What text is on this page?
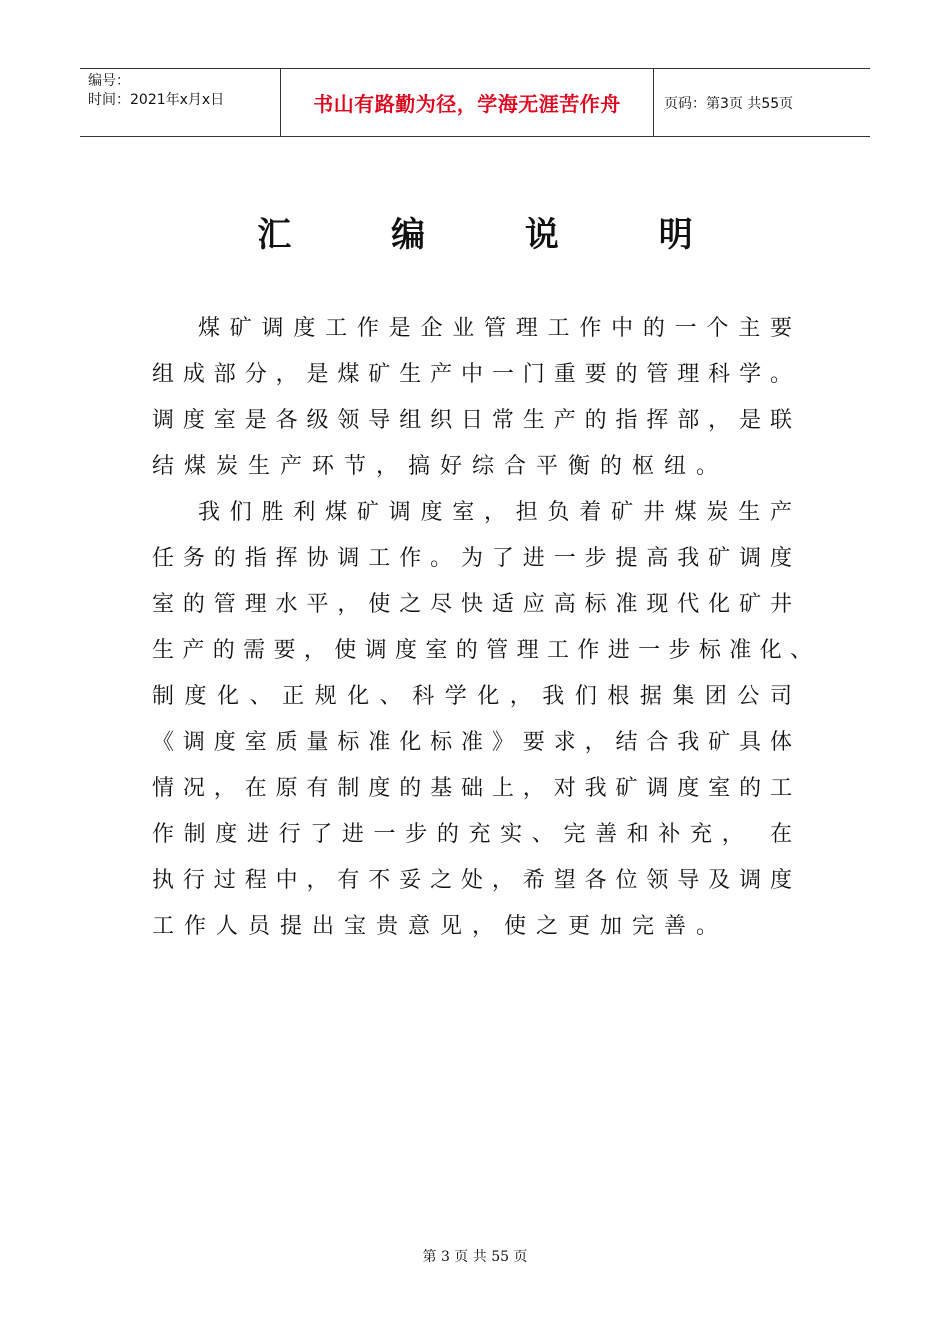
编号：
时间：2021年x月x日	书山有路勤为径，学海无涯苦作舟	页码：第3页 共55页
汇	编	说	明
煤矿调度工作是企业管理工作中的一个主要
组成部分，是煤矿生产中一门重要的管理科学。
调度室是各级领导组织日常生产的指挥部，是联
结煤炭生产环节，搞好综合平衡的枢纽。
我们胜利煤矿调度室，担负着矿井煤炭生产
任务的指挥协调工作。为了进一步提高我矿调度
室的管理水平，使之尽快适应高标准现代化矿井
生产的需要，使调度室的管理工作进一步标准化、
制度化、正规化、科学化，我们根据集团公司
《调度室质量标准化标准》要求，结合我矿具体
情况，在原有制度的基础上，对我矿调度室的工
作制度进行了进一步的充实、完善和补充， 在
执行过程中，有不妥之处，希望各位领导及调度
工作人员提出宝贵意见，使之更加完善。
第 3 页 共 55 页
